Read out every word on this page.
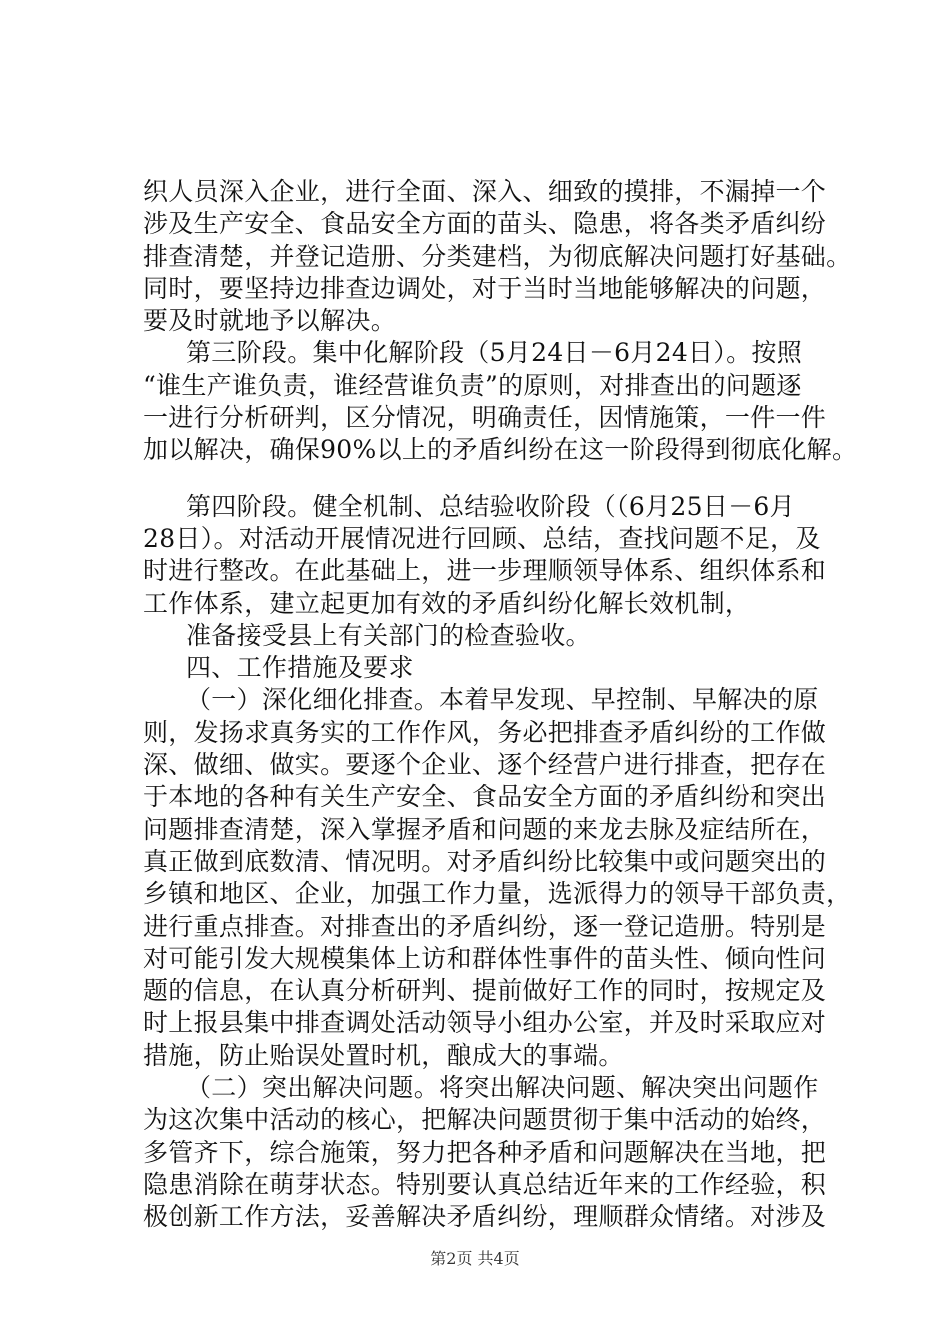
织人员深入企业，进行全面、深入、细致的摸排，不漏掉一个
涉及生产安全、食品安全方面的苗头、隐患，将各类矛盾纠纷
排查清楚，并登记造册、分类建档，为彻底解决问题打好基础。
同时，要坚持边排查边调处，对于当时当地能够解决的问题，
要及时就地予以解决。
第三阶段。集中化解阶段（5月24日－6月24日）。按照
“谁生产谁负责，谁经营谁负责”的原则，对排查出的问题逐
一进行分析研判，区分情况，明确责任，因情施策，一件一件
加以解决，确保90%以上的矛盾纠纷在这一阶段得到彻底化解。
第四阶段。健全机制、总结验收阶段（（6月25日－6月
28日）。对活动开展情况进行回顾、总结，查找问题不足，及
时进行整改。在此基础上，进一步理顺领导体系、组织体系和
工作体系，建立起更加有效的矛盾纠纷化解长效机制，
准备接受县上有关部门的检查验收。
四、工作措施及要求
（一）深化细化排查。本着早发现、早控制、早解决的原
则，发扬求真务实的工作作风，务必把排查矛盾纠纷的工作做
深、做细、做实。要逐个企业、逐个经营户进行排查，把存在
于本地的各种有关生产安全、食品安全方面的矛盾纠纷和突出
问题排查清楚，深入掌握矛盾和问题的来龙去脉及症结所在，
真正做到底数清、情况明。对矛盾纠纷比较集中或问题突出的
乡镇和地区、企业，加强工作力量，选派得力的领导干部负责，
进行重点排查。对排查出的矛盾纠纷，逐一登记造册。特别是
对可能引发大规模集体上访和群体性事件的苗头性、倾向性问
题的信息，在认真分析研判、提前做好工作的同时，按规定及
时上报县集中排查调处活动领导小组办公室，并及时采取应对
措施，防止贻误处置时机，酿成大的事端。
（二）突出解决问题。将突出解决问题、解决突出问题作
为这次集中活动的核心，把解决问题贯彻于集中活动的始终，
多管齐下，综合施策，努力把各种矛盾和问题解决在当地，把
隐患消除在萌芽状态。特别要认真总结近年来的工作经验，积
极创新工作方法，妥善解决矛盾纠纷，理顺群众情绪。对涉及
第2页 共4页
